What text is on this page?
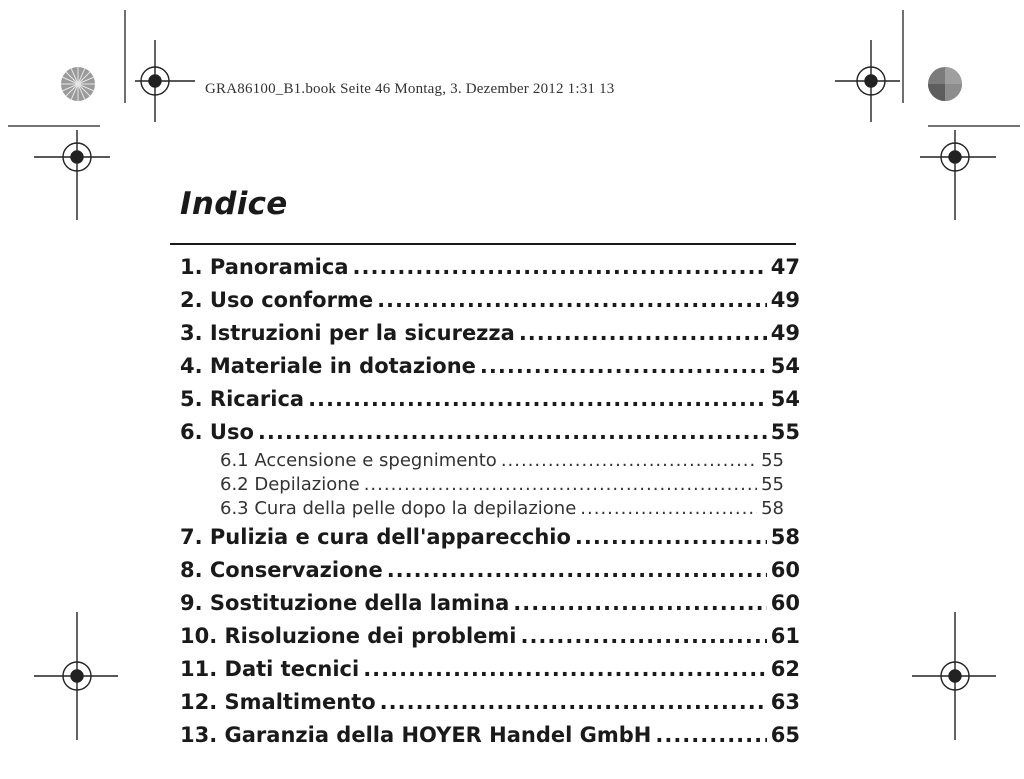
GRA86100_B1.book Seite 46 Montag, 3. Dezember 2012 1:31 13
Indice
1. Panoramica .....	47
2. Uso conforme .....	49
3. Istruzioni per la sicurezza .....	49
4. Materiale in dotazione .....	54
5. Ricarica .....	54
6. Uso .....	55
6.1 Accensione e spegnimento .....	55
6.2 Depilazione .....	55
6.3 Cura della pelle dopo la depilazione .....	58
7. Pulizia e cura dell'apparecchio .....	58
8. Conservazione .....	60
9. Sostituzione della lamina .....	60
10. Risoluzione dei problemi .....	61
11. Dati tecnici .....	62
12. Smaltimento .....	63
13. Garanzia della HOYER Handel GmbH .....	65
